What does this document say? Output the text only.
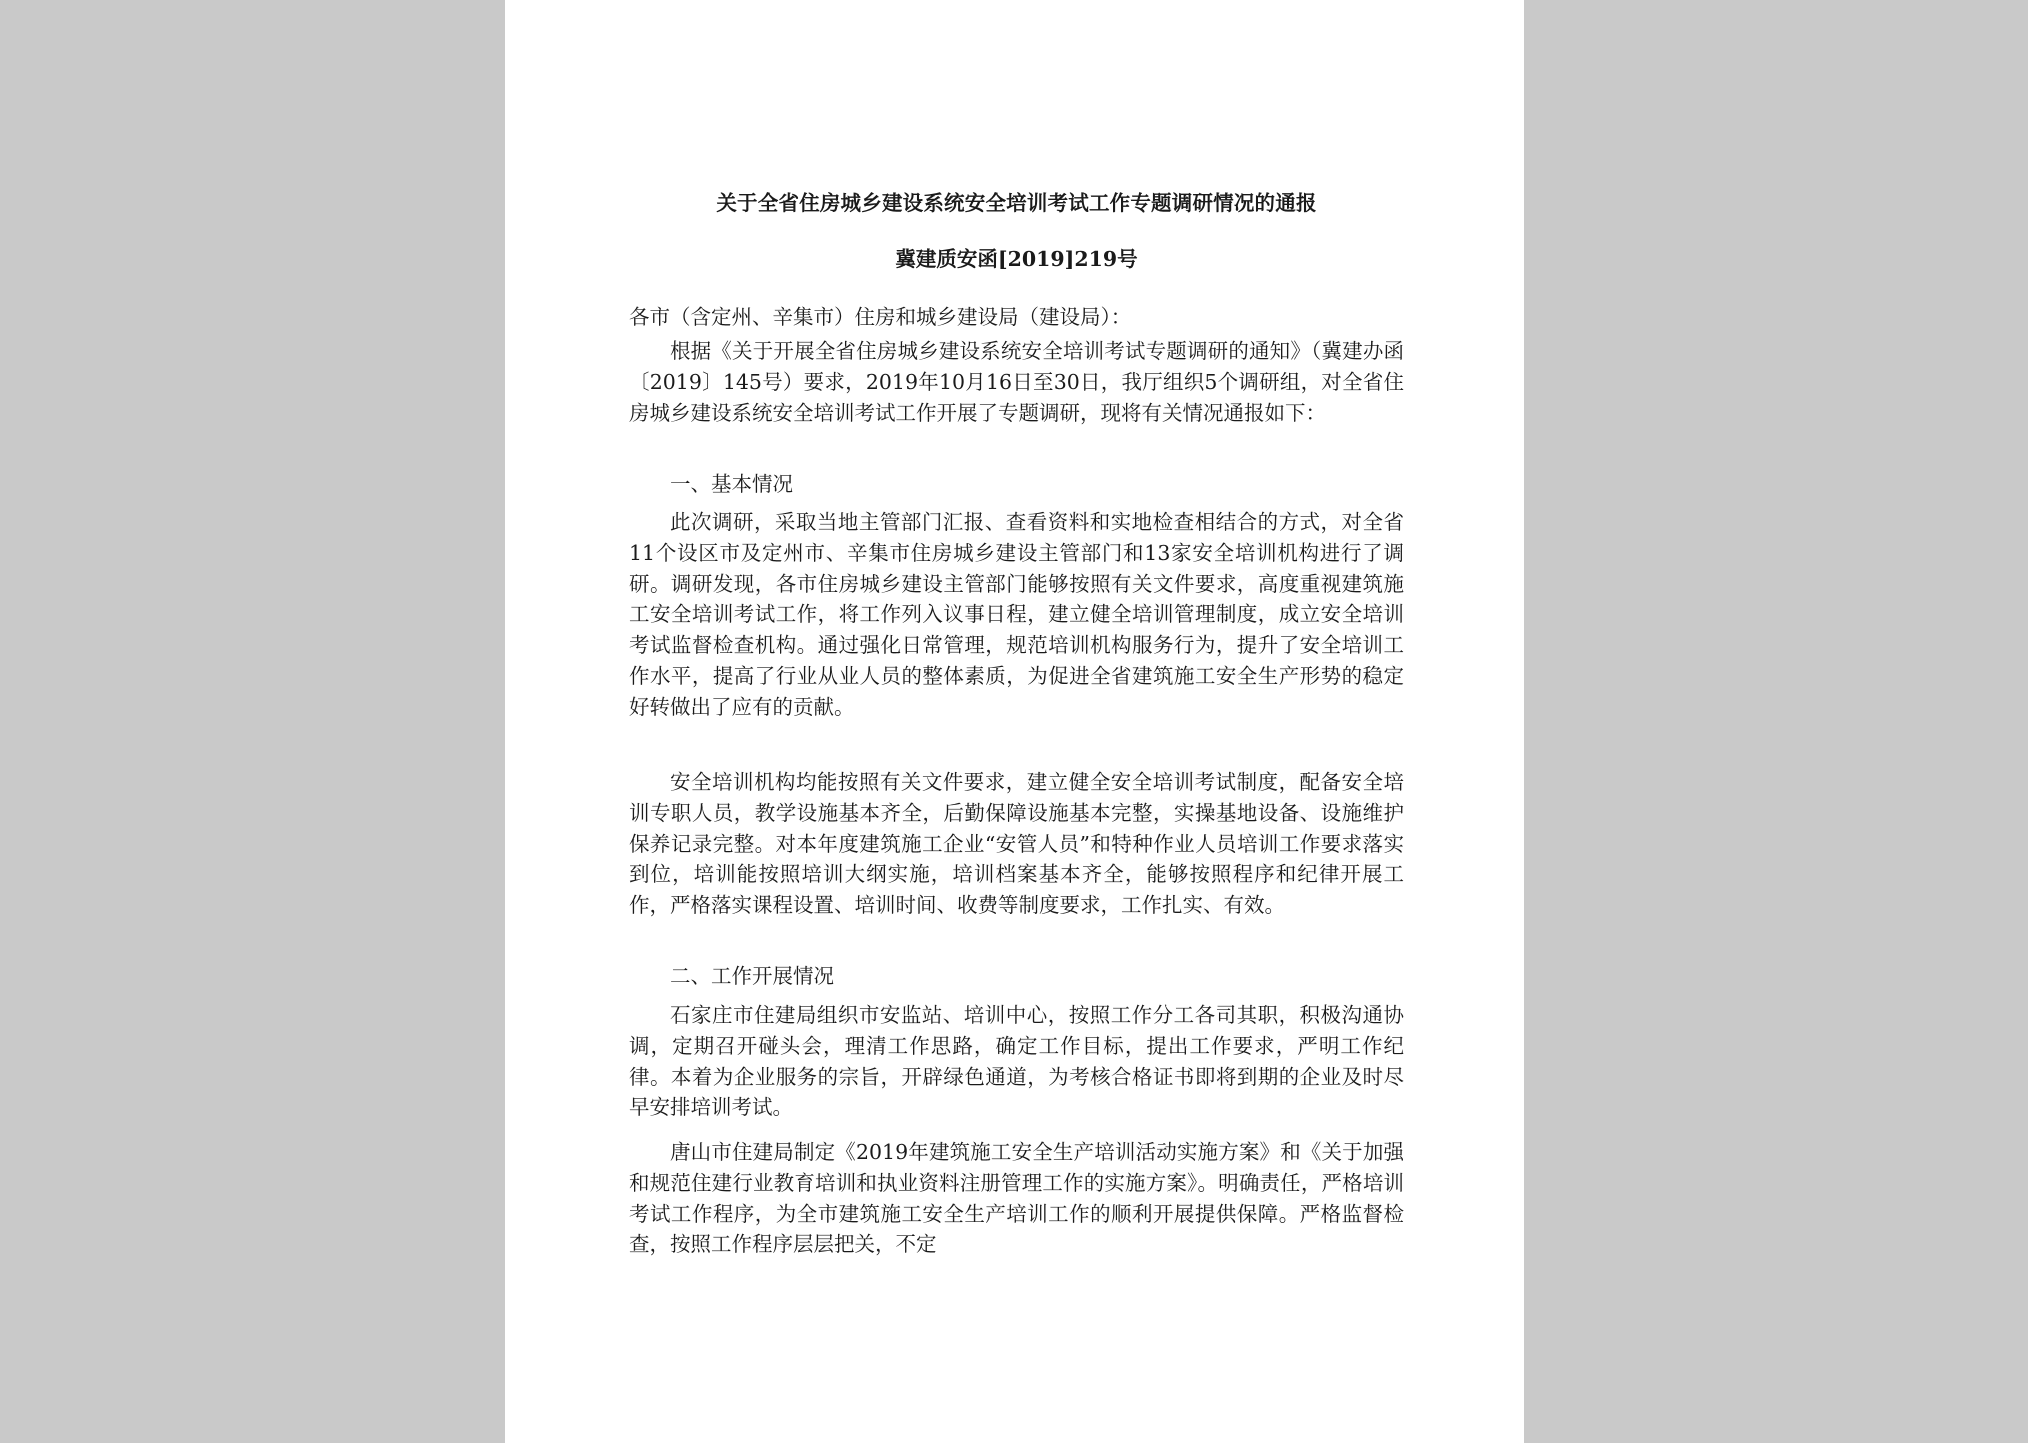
关于全省住房城乡建设系统安全培训考试工作专题调研情况的通报
冀建质安函[2019]219号
各市（含定州、辛集市）住房和城乡建设局（建设局）：

根据《关于开展全省住房城乡建设系统安全培训考试专题调研的通知》（冀建办函〔2019〕145号）要求，2019年10月16日至30日，我厅组织5个调研组，对全省住房城乡建设系统安全培训考试工作开展了专题调研，现将有关情况通报如下：

一、基本情况

此次调研，采取当地主管部门汇报、查看资料和实地检查相结合的方式，对全省11个设区市及定州市、辛集市住房城乡建设主管部门和13家安全培训机构进行了调研。调研发现，各市住房城乡建设主管部门能够按照有关文件要求，高度重视建筑施工安全培训考试工作，将工作列入议事日程，建立健全培训管理制度，成立安全培训考试监督检查机构。通过强化日常管理，规范培训机构服务行为，提升了安全培训工作水平，提高了行业从业人员的整体素质，为促进全省建筑施工安全生产形势的稳定好转做出了应有的贡献。

安全培训机构均能按照有关文件要求，建立健全安全培训考试制度，配备安全培训专职人员，教学设施基本齐全，后勤保障设施基本完整，实操基地设备、设施维护保养记录完整。对本年度建筑施工企业“安管人员”和特种作业人员培训工作要求落实到位，培训能按照培训大纲实施，培训档案基本齐全，能够按照程序和纪律开展工作，严格落实课程设置、培训时间、收费等制度要求，工作扎实、有效。

二、工作开展情况

石家庄市住建局组织市安监站、培训中心，按照工作分工各司其职，积极沟通协调，定期召开碰头会，理清工作思路，确定工作目标，提出工作要求，严明工作纪律。本着为企业服务的宗旨，开辟绿色通道，为考核合格证书即将到期的企业及时尽早安排培训考试。

唐山市住建局制定《2019年建筑施工安全生产培训活动实施方案》和《关于加强和规范住建行业教育培训和执业资料注册管理工作的实施方案》。明确责任，严格培训考试工作程序，为全市建筑施工安全生产培训工作的顺利开展提供保障。严格监督检查，按照工作程序层层把关，不定
